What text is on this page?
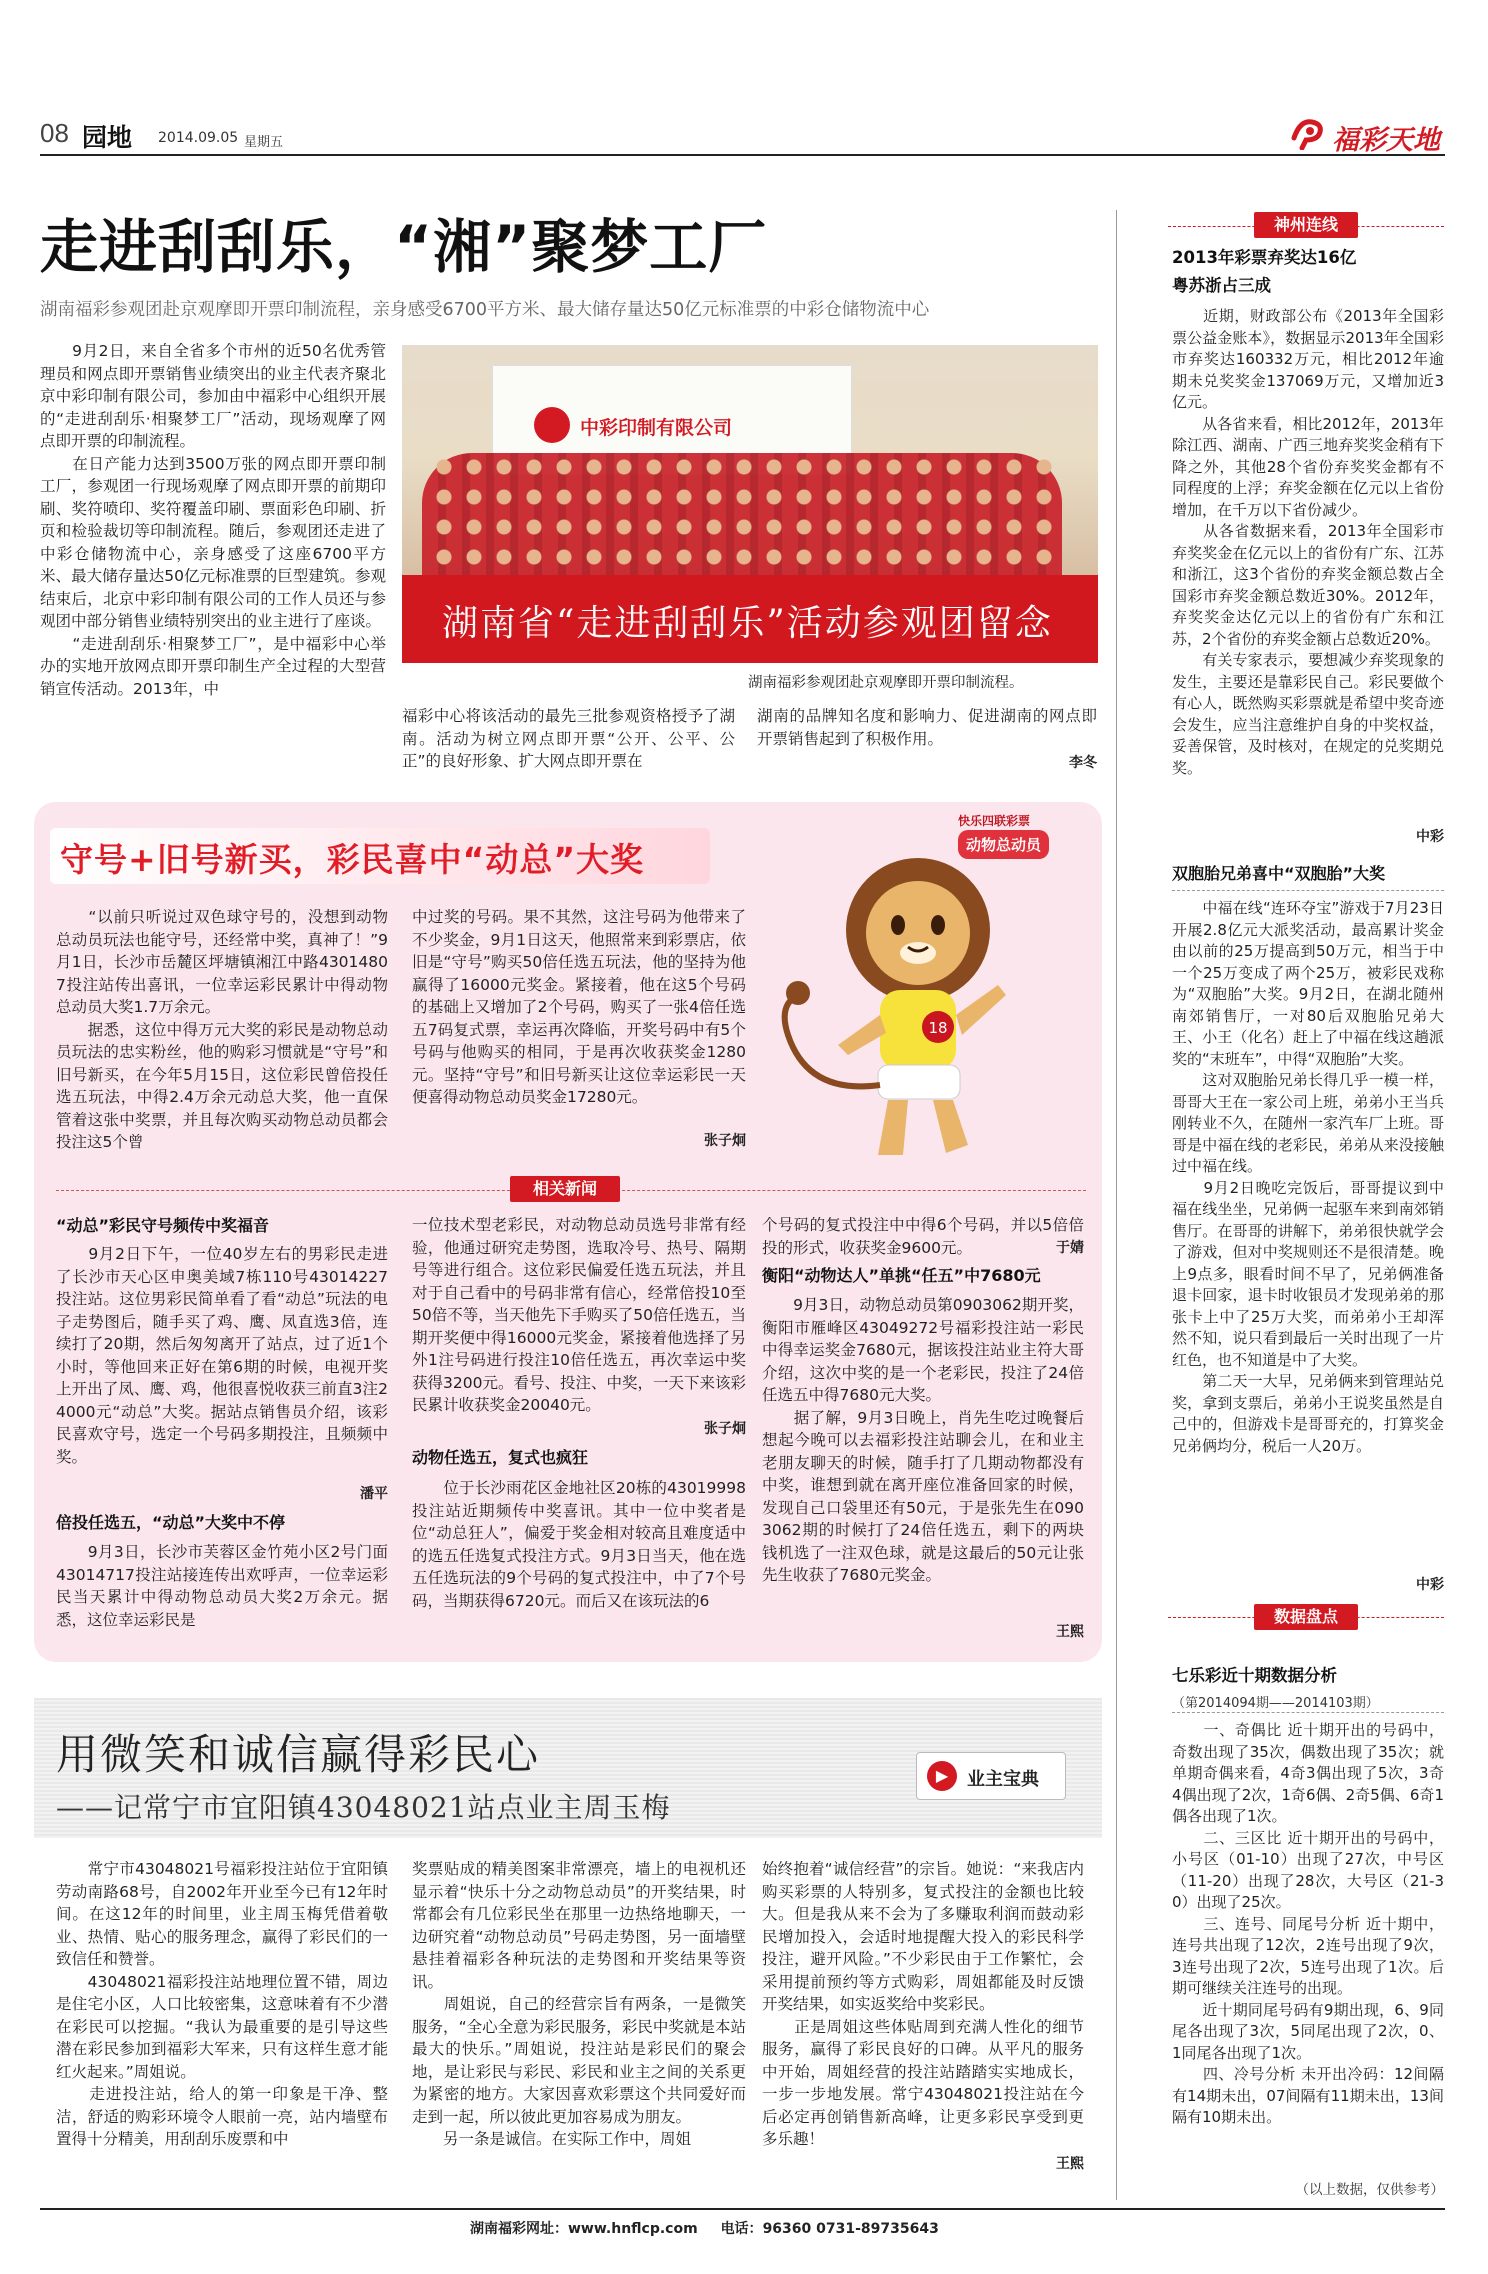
08 园地 2014.09.05 星期五	福彩天地
走进刮刮乐，“湘”聚梦工厂
湖南福彩参观团赴京观摩即开票印制流程，亲身感受6700平方米、最大储存量达50亿元标准票的中彩仓储物流中心
　　9月2日，来自全省多个市州的近50名优秀管理员和网点即开票销售业绩突出的业主代表齐聚北京中彩印制有限公司，参加由中福彩中心组织开展的“走进刮刮乐·相聚梦工厂”活动，现场观摩了网点即开票的印制流程。
　　在日产能力达到3500万张的网点即开票印制工厂，参观团一行现场观摩了网点即开票的前期印刷、奖符喷印、奖符覆盖印刷、票面彩色印刷、折页和检验裁切等印制流程。随后，参观团还走进了中彩仓储物流中心，亲身感受了这座6700平方米、最大储存量达50亿元标准票的巨型建筑。参观结束后，北京中彩印制有限公司的工作人员还与参观团中部分销售业绩特别突出的业主进行了座谈。
　　“走进刮刮乐·相聚梦工厂”，是中福彩中心举办的实地开放网点即开票印制生产全过程的大型营销宣传活动。2013年，中
中彩印制有限公司
湖南省“走进刮刮乐”活动参观团留念
湖南福彩参观团赴京观摩即开票印制流程。
福彩中心将该活动的最先三批参观资格授予了湖南。活动为树立网点即开票“公开、公平、公正”的良好形象、扩大网点即开票在
湖南的品牌知名度和影响力、促进湖南的网点即开票销售起到了积极作用。
李冬
守号+旧号新买，彩民喜中“动总”大奖
快乐四联彩票
动物总动员
18
　　“以前只听说过双色球守号的，没想到动物总动员玩法也能守号，还经常中奖，真神了！”9月1日，长沙市岳麓区坪塘镇湘江中路43014807投注站传出喜讯，一位幸运彩民累计中得动物总动员大奖1.7万余元。
　　据悉，这位中得万元大奖的彩民是动物总动员玩法的忠实粉丝，他的购彩习惯就是“守号”和旧号新买，在今年5月15日，这位彩民曾倍投任选五玩法，中得2.4万余元动总大奖，他一直保管着这张中奖票，并且每次购买动物总动员都会投注这5个曾
中过奖的号码。果不其然，这注号码为他带来了不少奖金，9月1日这天，他照常来到彩票店，依旧是“守号”购买50倍任选五玩法，他的坚持为他赢得了16000元奖金。紧接着，他在这5个号码的基础上又增加了2个号码，购买了一张4倍任选五7码复式票，幸运再次降临，开奖号码中有5个号码与他购买的相同，于是再次收获奖金1280元。坚持“守号”和旧号新买让这位幸运彩民一天便喜得动物总动员奖金17280元。
张子炯
相关新闻
“动总”彩民守号频传中奖福音
　　9月2日下午，一位40岁左右的男彩民走进了长沙市天心区申奥美域7栋110号43014227投注站。这位男彩民简单看了看“动总”玩法的电子走势图后，随手买了鸡、鹰、凤直选3倍，连续打了20期，然后匆匆离开了站点，过了近1个小时，等他回来正好在第6期的时候，电视开奖上开出了凤、鹰、鸡，他很喜悦收获三前直3注24000元“动总”大奖。据站点销售员介绍，该彩民喜欢守号，选定一个号码多期投注，且频频中奖。
潘平
倍投任选五，“动总”大奖中不停
　　9月3日，长沙市芙蓉区金竹苑小区2号门面43014717投注站接连传出欢呼声，一位幸运彩民当天累计中得动物总动员大奖2万余元。据悉，这位幸运彩民是
一位技术型老彩民，对动物总动员选号非常有经验，他通过研究走势图，选取冷号、热号、隔期号等进行组合。这位彩民偏爱任选五玩法，并且对于自己看中的号码非常有信心，经常倍投10至50倍不等，当天他先下手购买了50倍任选五，当期开奖便中得16000元奖金，紧接着他选择了另外1注号码进行投注10倍任选五，再次幸运中奖获得3200元。看号、投注、中奖，一天下来该彩民累计收获奖金20040元。
张子炯
动物任选五，复式也疯狂
　　位于长沙雨花区金地社区20栋的43019998投注站近期频传中奖喜讯。其中一位中奖者是位“动总狂人”，偏爱于奖金相对较高且难度适中的选五任选复式投注方式。9月3日当天，他在选五任选玩法的9个号码的复式投注中，中了7个号码，当期获得6720元。而后又在该玩法的6
个号码的复式投注中中得6个号码，并以5倍倍投的形式，收获奖金9600元。	于婧
衡阳“动物达人”单挑“任五”中7680元
　　9月3日，动物总动员第0903062期开奖，衡阳市雁峰区43049272号福彩投注站一彩民中得幸运奖金7680元，据该投注站业主符大哥介绍，这次中奖的是一个老彩民，投注了24倍任选五中得7680元大奖。
　　据了解，9月3日晚上，肖先生吃过晚餐后想起今晚可以去福彩投注站聊会儿，在和业主老朋友聊天的时候，随手打了几期动物都没有中奖，谁想到就在离开座位准备回家的时候，发现自己口袋里还有50元，于是张先生在0903062期的时候打了24倍任选五，剩下的两块钱机选了一注双色球，就是这最后的50元让张先生收获了7680元奖金。
王熙
用微笑和诚信赢得彩民心
——记常宁市宜阳镇43048021站点业主周玉梅
▶	业主宝典
　　常宁市43048021号福彩投注站位于宜阳镇劳动南路68号，自2002年开业至今已有12年时间。在这12年的时间里，业主周玉梅凭借着敬业、热情、贴心的服务理念，赢得了彩民们的一致信任和赞誉。
　　43048021福彩投注站地理位置不错，周边是住宅小区，人口比较密集，这意味着有不少潜在彩民可以挖掘。“我认为最重要的是引导这些潜在彩民参加到福彩大军来，只有这样生意才能红火起来。”周姐说。
　　走进投注站，给人的第一印象是干净、整洁，舒适的购彩环境令人眼前一亮，站内墙壁布置得十分精美，用刮刮乐废票和中
奖票贴成的精美图案非常漂亮，墙上的电视机还显示着“快乐十分之动物总动员”的开奖结果，时常都会有几位彩民坐在那里一边热络地聊天，一边研究着“动物总动员”号码走势图，另一面墙壁悬挂着福彩各种玩法的走势图和开奖结果等资讯。
　　周姐说，自己的经营宗旨有两条，一是微笑服务，“全心全意为彩民服务，彩民中奖就是本站最大的快乐。”周姐说，投注站是彩民们的聚会地，是让彩民与彩民、彩民和业主之间的关系更为紧密的地方。大家因喜欢彩票这个共同爱好而走到一起，所以彼此更加容易成为朋友。
　　另一条是诚信。在实际工作中，周姐
始终抱着“诚信经营”的宗旨。她说：“来我店内购买彩票的人特别多，复式投注的金额也比较大。但是我从来不会为了多赚取利润而鼓动彩民增加投入，会适时地提醒大投入的彩民科学投注，避开风险。”不少彩民由于工作繁忙，会采用提前预约等方式购彩，周姐都能及时反馈开奖结果，如实返奖给中奖彩民。
　　正是周姐这些体贴周到充满人性化的细节服务，赢得了彩民良好的口碑。从平凡的服务中开始，周姐经营的投注站踏踏实实地成长，一步一步地发展。常宁43048021投注站在今后必定再创销售新高峰，让更多彩民享受到更多乐趣！
王熙
神州连线
2013年彩票弃奖达16亿
粤苏浙占三成
　　近期，财政部公布《2013年全国彩票公益金账本》，数据显示2013年全国彩市弃奖达160332万元，相比2012年逾期未兑奖奖金137069万元，又增加近3亿元。
　　从各省来看，相比2012年，2013年除江西、湖南、广西三地弃奖奖金稍有下降之外，其他28个省份弃奖奖金都有不同程度的上浮；弃奖金额在亿元以上省份增加，在千万以下省份减少。
　　从各省数据来看，2013年全国彩市弃奖奖金在亿元以上的省份有广东、江苏和浙江，这3个省份的弃奖金额总数占全国彩市弃奖金额总数近30%。2012年，弃奖奖金达亿元以上的省份有广东和江苏，2个省份的弃奖金额占总数近20%。
　　有关专家表示，要想减少弃奖现象的发生，主要还是靠彩民自己。彩民要做个有心人，既然购买彩票就是希望中奖奇迹会发生，应当注意维护自身的中奖权益，妥善保管，及时核对，在规定的兑奖期兑奖。
中彩
双胞胎兄弟喜中“双胞胎”大奖
　　中福在线“连环夺宝”游戏于7月23日开展2.8亿元大派奖活动，最高累计奖金由以前的25万提高到50万元，相当于中一个25万变成了两个25万，被彩民戏称为“双胞胎”大奖。9月2日，在湖北随州南郊销售厅，一对80后双胞胎兄弟大王、小王（化名）赶上了中福在线这趟派奖的“末班车”，中得“双胞胎”大奖。
　　这对双胞胎兄弟长得几乎一模一样，哥哥大王在一家公司上班，弟弟小王当兵刚转业不久，在随州一家汽车厂上班。哥哥是中福在线的老彩民，弟弟从来没接触过中福在线。
　　9月2日晚吃完饭后，哥哥提议到中福在线坐坐，兄弟俩一起驱车来到南郊销售厅。在哥哥的讲解下，弟弟很快就学会了游戏，但对中奖规则还不是很清楚。晚上9点多，眼看时间不早了，兄弟俩准备退卡回家，退卡时收银员才发现弟弟的那张卡上中了25万大奖，而弟弟小王却浑然不知，说只看到最后一关时出现了一片红色，也不知道是中了大奖。
　　第二天一大早，兄弟俩来到管理站兑奖，拿到支票后，弟弟小王说奖虽然是自己中的，但游戏卡是哥哥充的，打算奖金兄弟俩均分，税后一人20万。
中彩
数据盘点
七乐彩近十期数据分析
（第2014094期——2014103期）
　　一、奇偶比 近十期开出的号码中，奇数出现了35次，偶数出现了35次；就单期奇偶来看，4奇3偶出现了5次，3奇4偶出现了2次，1奇6偶、2奇5偶、6奇1偶各出现了1次。
　　二、三区比 近十期开出的号码中，小号区（01-10）出现了27次，中号区（11-20）出现了28次，大号区（21-30）出现了25次。
　　三、连号、同尾号分析 近十期中，连号共出现了12次，2连号出现了9次，3连号出现了2次，5连号出现了1次。后期可继续关注连号的出现。
　　近十期同尾号码有9期出现，6、9同尾各出现了3次，5同尾出现了2次，0、1同尾各出现了1次。
　　四、冷号分析 未开出冷码：12间隔有14期未出，07间隔有11期未出，13间隔有10期未出。
（以上数据，仅供参考）
湖南福彩网址：www.hnflcp.com 电话：96360 0731-89735643
